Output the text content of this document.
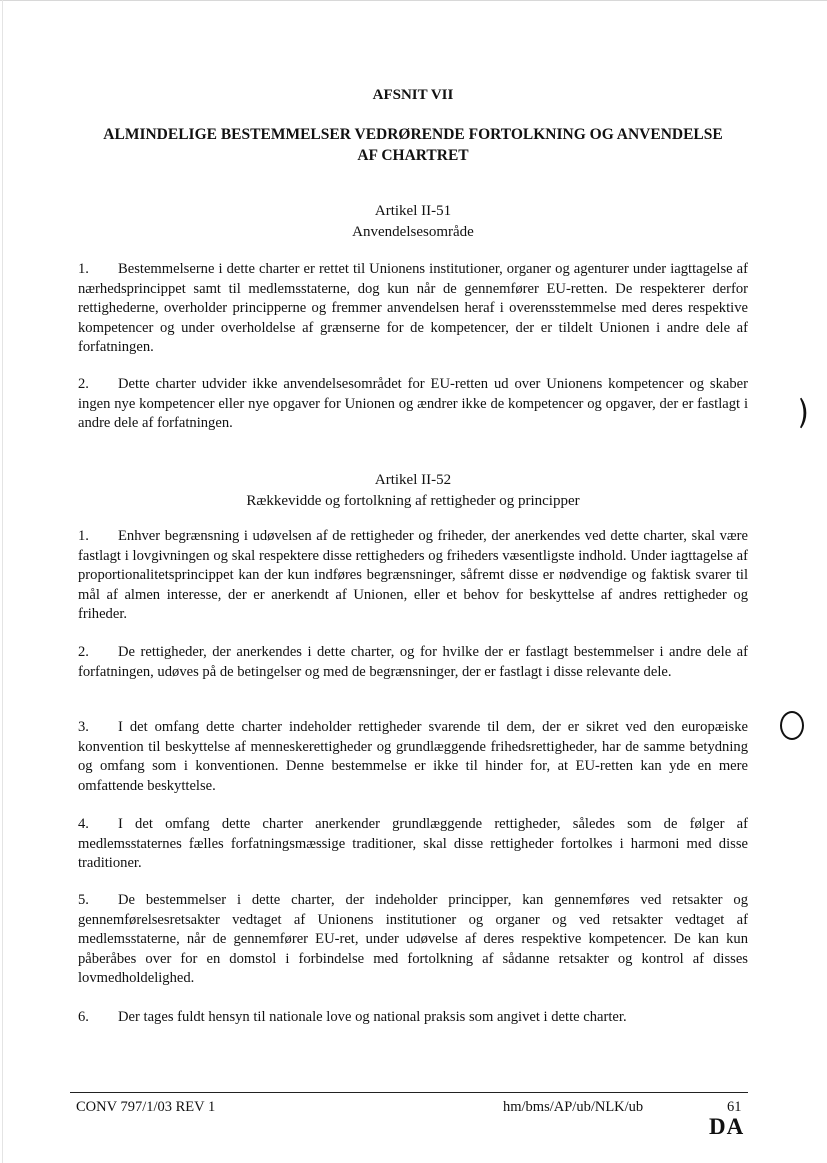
AFSNIT VII
ALMINDELIGE BESTEMMELSER VEDRØRENDE FORTOLKNING OG ANVENDELSE
AF CHARTRET
Artikel II-51
Anvendelsesområde
1. Bestemmelserne i dette charter er rettet til Unionens institutioner, organer og agenturer under iagttagelse af nærhedsprincippet samt til medlemsstaterne, dog kun når de gennemfører EU-retten. De respekterer derfor rettighederne, overholder principperne og fremmer anvendelsen heraf i overensstemmelse med deres respektive kompetencer og under overholdelse af grænserne for de kompetencer, der er tildelt Unionen i andre dele af forfatningen.
2. Dette charter udvider ikke anvendelsesområdet for EU-retten ud over Unionens kompetencer og skaber ingen nye kompetencer eller nye opgaver for Unionen og ændrer ikke de kompetencer og opgaver, der er fastlagt i andre dele af forfatningen.
Artikel II-52
Rækkevidde og fortolkning af rettigheder og principper
1. Enhver begrænsning i udøvelsen af de rettigheder og friheder, der anerkendes ved dette charter, skal være fastlagt i lovgivningen og skal respektere disse rettigheders og friheders væsentligste indhold. Under iagttagelse af proportionalitetsprincippet kan der kun indføres begrænsninger, såfremt disse er nødvendige og faktisk svarer til mål af almen interesse, der er anerkendt af Unionen, eller et behov for beskyttelse af andres rettigheder og friheder.
2. De rettigheder, der anerkendes i dette charter, og for hvilke der er fastlagt bestemmelser i andre dele af forfatningen, udøves på de betingelser og med de begrænsninger, der er fastlagt i disse relevante dele.
3. I det omfang dette charter indeholder rettigheder svarende til dem, der er sikret ved den europæiske konvention til beskyttelse af menneskerettigheder og grundlæggende frihedsrettigheder, har de samme betydning og omfang som i konventionen. Denne bestemmelse er ikke til hinder for, at EU-retten kan yde en mere omfattende beskyttelse.
4. I det omfang dette charter anerkender grundlæggende rettigheder, således som de følger af medlemsstaternes fælles forfatningsmæssige traditioner, skal disse rettigheder fortolkes i harmoni med disse traditioner.
5. De bestemmelser i dette charter, der indeholder principper, kan gennemføres ved retsakter og gennemførelsesretsakter vedtaget af Unionens institutioner og organer og ved retsakter vedtaget af medlemsstaterne, når de gennemfører EU-ret, under udøvelse af deres respektive kompetencer. De kan kun påberåbes over for en domstol i forbindelse med fortolkning af sådanne retsakter og kontrol af disses lovmedholdelighed.
6. Der tages fuldt hensyn til nationale love og national praksis som angivet i dette charter.
⌒
CONV 797/1/03 REV 1	hm/bms/AP/ub/NLK/ub	61
DA
